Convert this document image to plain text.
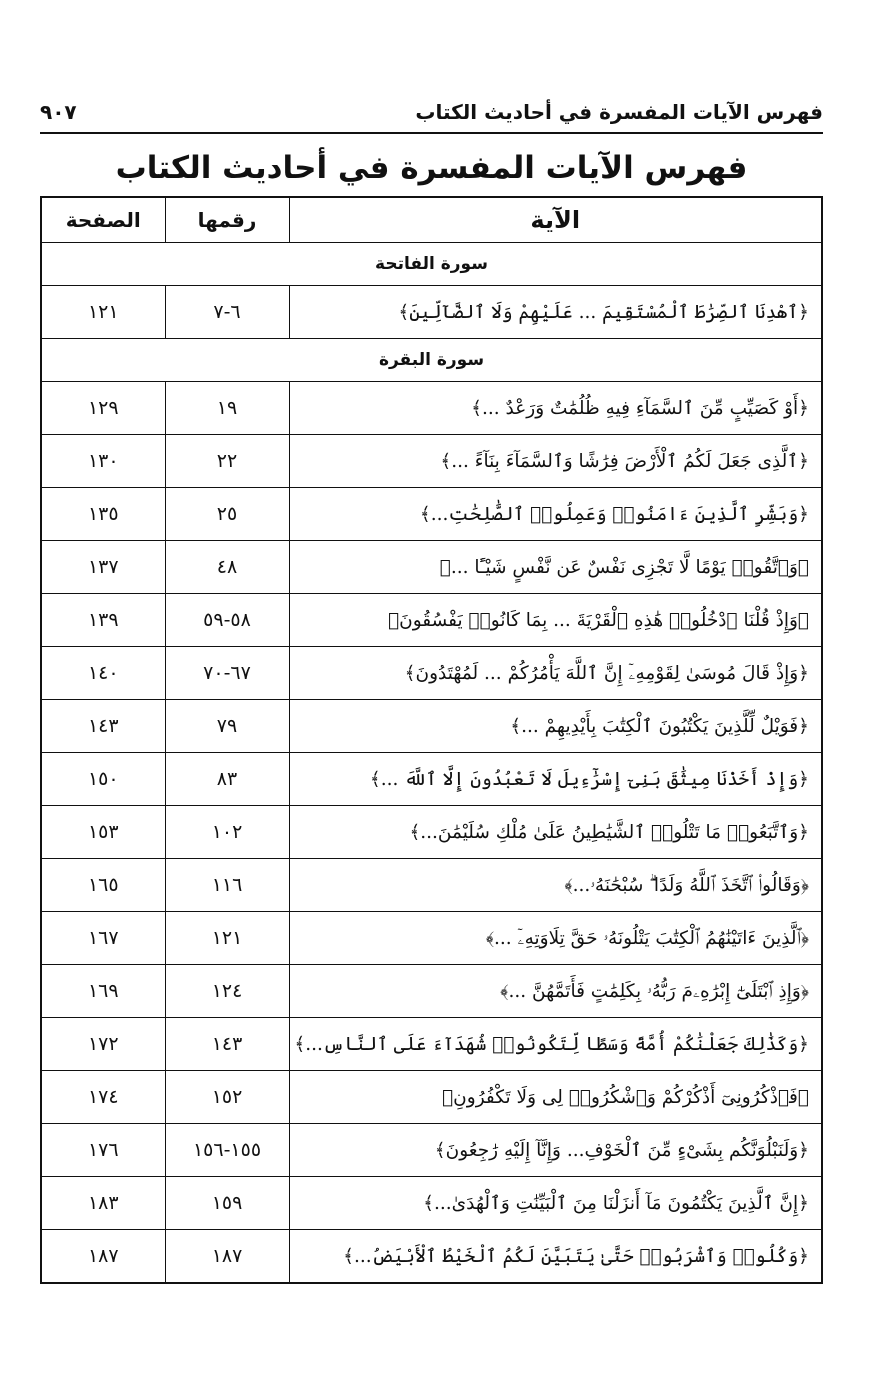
فهرس الآيات المفسرة في أحاديث الكتاب
٩٠٧
فهرس الآيات المفسرة في أحاديث الكتاب
الآية	رقمها	الصفحة
سورة الفاتحة		
﴿ٱهْدِنَا ٱلصِّرَٰطَ ٱلْمُسْتَقِيمَ ... عَلَيْهِمْ وَلَا ٱلضَّآلِّينَ﴾	٦-٧	١٢١
سورة البقرة		
﴿أَوْ كَصَيِّبٍ مِّنَ ٱلسَّمَآءِ فِيهِ ظُلُمَٰتٌ وَرَعْدٌ ...﴾	١٩	١٢٩
﴿ٱلَّذِى جَعَلَ لَكُمُ ٱلْأَرْضَ فِرَٰشًا وَٱلسَّمَآءَ بِنَآءً ...﴾	٢٢	١٣٠
﴿وَبَشِّرِ ٱلَّذِينَ ءَامَنُوا۟ وَعَمِلُوا۟ ٱلصَّٰلِحَٰتِ...﴾	٢٥	١٣٥
﴿وَٱتَّقُوا۟ يَوْمًا لَّا تَجْزِى نَفْسٌ عَن نَّفْسٍ شَيْـًٔا ...﴾	٤٨	١٣٧
﴿وَإِذْ قُلْنَا ٱدْخُلُوا۟ هَٰذِهِ ٱلْقَرْيَةَ ... بِمَا كَانُوا۟ يَفْسُقُونَ﴾	٥٨-٥٩	١٣٩
﴿وَإِذْ قَالَ مُوسَىٰ لِقَوْمِهِۦٓ إِنَّ ٱللَّهَ يَأْمُرُكُمْ ... لَمُهْتَدُونَ﴾	٦٧-٧٠	١٤٠
﴿فَوَيْلٌ لِّلَّذِينَ يَكْتُبُونَ ٱلْكِتَٰبَ بِأَيْدِيهِمْ ...﴾	٧٩	١٤٣
﴿وَإِذْ أَخَذْنَا مِيثَٰقَ بَنِىٓ إِسْرَٰٓءِيلَ لَا تَعْبُدُونَ إِلَّا ٱللَّهَ ...﴾	٨٣	١٥٠
﴿وَٱتَّبَعُوا۟ مَا تَتْلُوا۟ ٱلشَّيَٰطِينُ عَلَىٰ مُلْكِ سُلَيْمَٰنَ...﴾	١٠٢	١٥٣
﴿وَقَالُوا۟ ٱتَّخَذَ ٱللَّهُ وَلَدًا ۗ سُبْحَٰنَهُۥ...﴾	١١٦	١٦٥
﴿ٱلَّذِينَ ءَاتَيْنَٰهُمُ ٱلْكِتَٰبَ يَتْلُونَهُۥ حَقَّ تِلَاوَتِهِۦٓ ...﴾	١٢١	١٦٧
﴿وَإِذِ ٱبْتَلَىٰٓ إِبْرَٰهِۦمَ رَبُّهُۥ بِكَلِمَٰتٍ فَأَتَمَّهُنَّ ...﴾	١٢٤	١٦٩
﴿وَكَذَٰلِكَ جَعَلْنَٰكُمْ أُمَّةً وَسَطًا لِّتَكُونُوا۟ شُهَدَآءَ عَلَى ٱلنَّاسِ...﴾	١٤٣	١٧٢
﴿فَٱذْكُرُونِىٓ أَذْكُرْكُمْ وَٱشْكُرُوا۟ لِى وَلَا تَكْفُرُونِ﴾	١٥٢	١٧٤
﴿وَلَنَبْلُوَنَّكُم بِشَىْءٍ مِّنَ ٱلْخَوْفِ... وَإِنَّآ إِلَيْهِ رَٰجِعُونَ﴾	١٥٥-١٥٦	١٧٦
﴿إِنَّ ٱلَّذِينَ يَكْتُمُونَ مَآ أَنزَلْنَا مِنَ ٱلْبَيِّنَٰتِ وَٱلْهُدَىٰ...﴾	١٥٩	١٨٣
﴿وَكُلُوا۟ وَٱشْرَبُوا۟ حَتَّىٰ يَتَبَيَّنَ لَكُمُ ٱلْخَيْطُ ٱلْأَبْيَضُ...﴾	١٨٧	١٨٧
